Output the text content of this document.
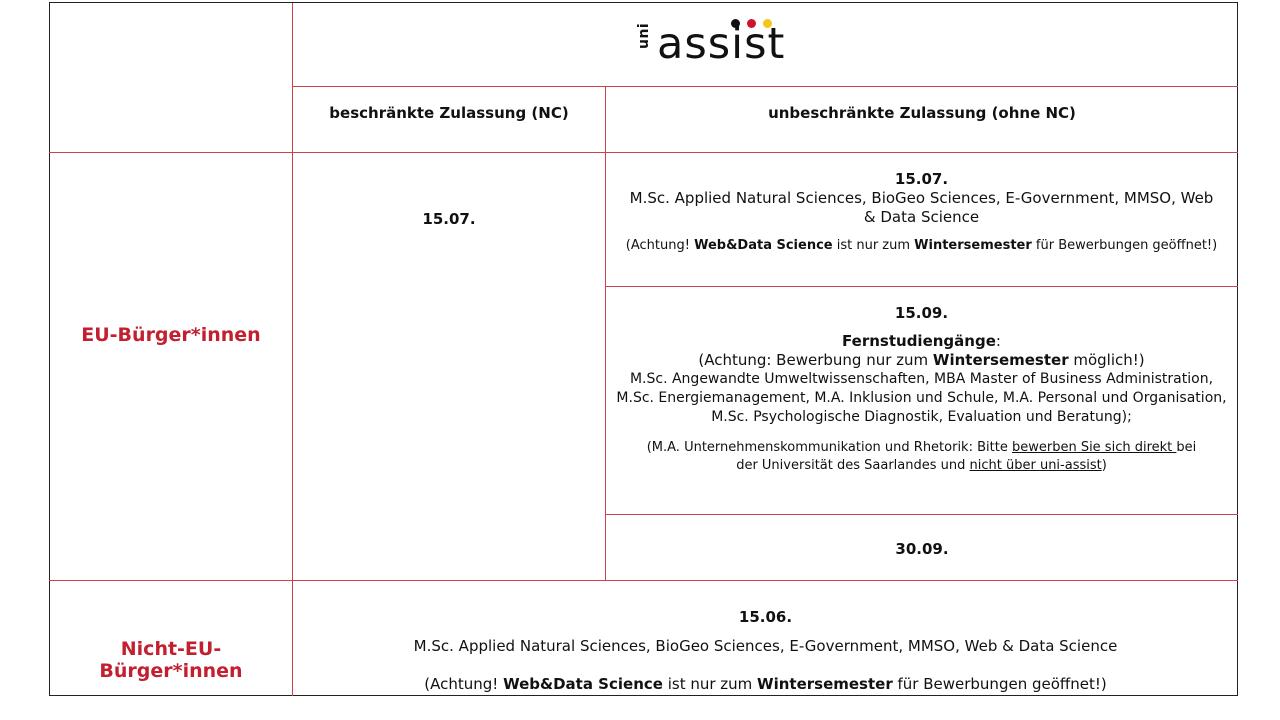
uni assist
beschränkte Zulassung (NC)	unbeschränkte Zulassung (ohne NC)
EU-Bürger*innen
15.07.
15.07.
M.Sc. Applied Natural Sciences, BioGeo Sciences, E-Government, MMSO, Web & Data Science
(Achtung! Web&Data Science ist nur zum Wintersemester für Bewerbungen geöffnet!)
15.09.
Fernstudiengänge:
(Achtung: Bewerbung nur zum Wintersemester möglich!)
M.Sc. Angewandte Umweltwissenschaften, MBA Master of Business Administration, M.Sc. Energiemanagement, M.A. Inklusion und Schule, M.A. Personal und Organisation, M.Sc. Psychologische Diagnostik, Evaluation und Beratung);
(M.A. Unternehmenskommunikation und Rhetorik: Bitte bewerben Sie sich direkt bei der Universität des Saarlandes und nicht über uni-assist)
30.09.
Nicht-EU-Bürger*innen
15.06.
M.Sc. Applied Natural Sciences, BioGeo Sciences, E-Government, MMSO, Web & Data Science
(Achtung! Web&Data Science ist nur zum Wintersemester für Bewerbungen geöffnet!)
